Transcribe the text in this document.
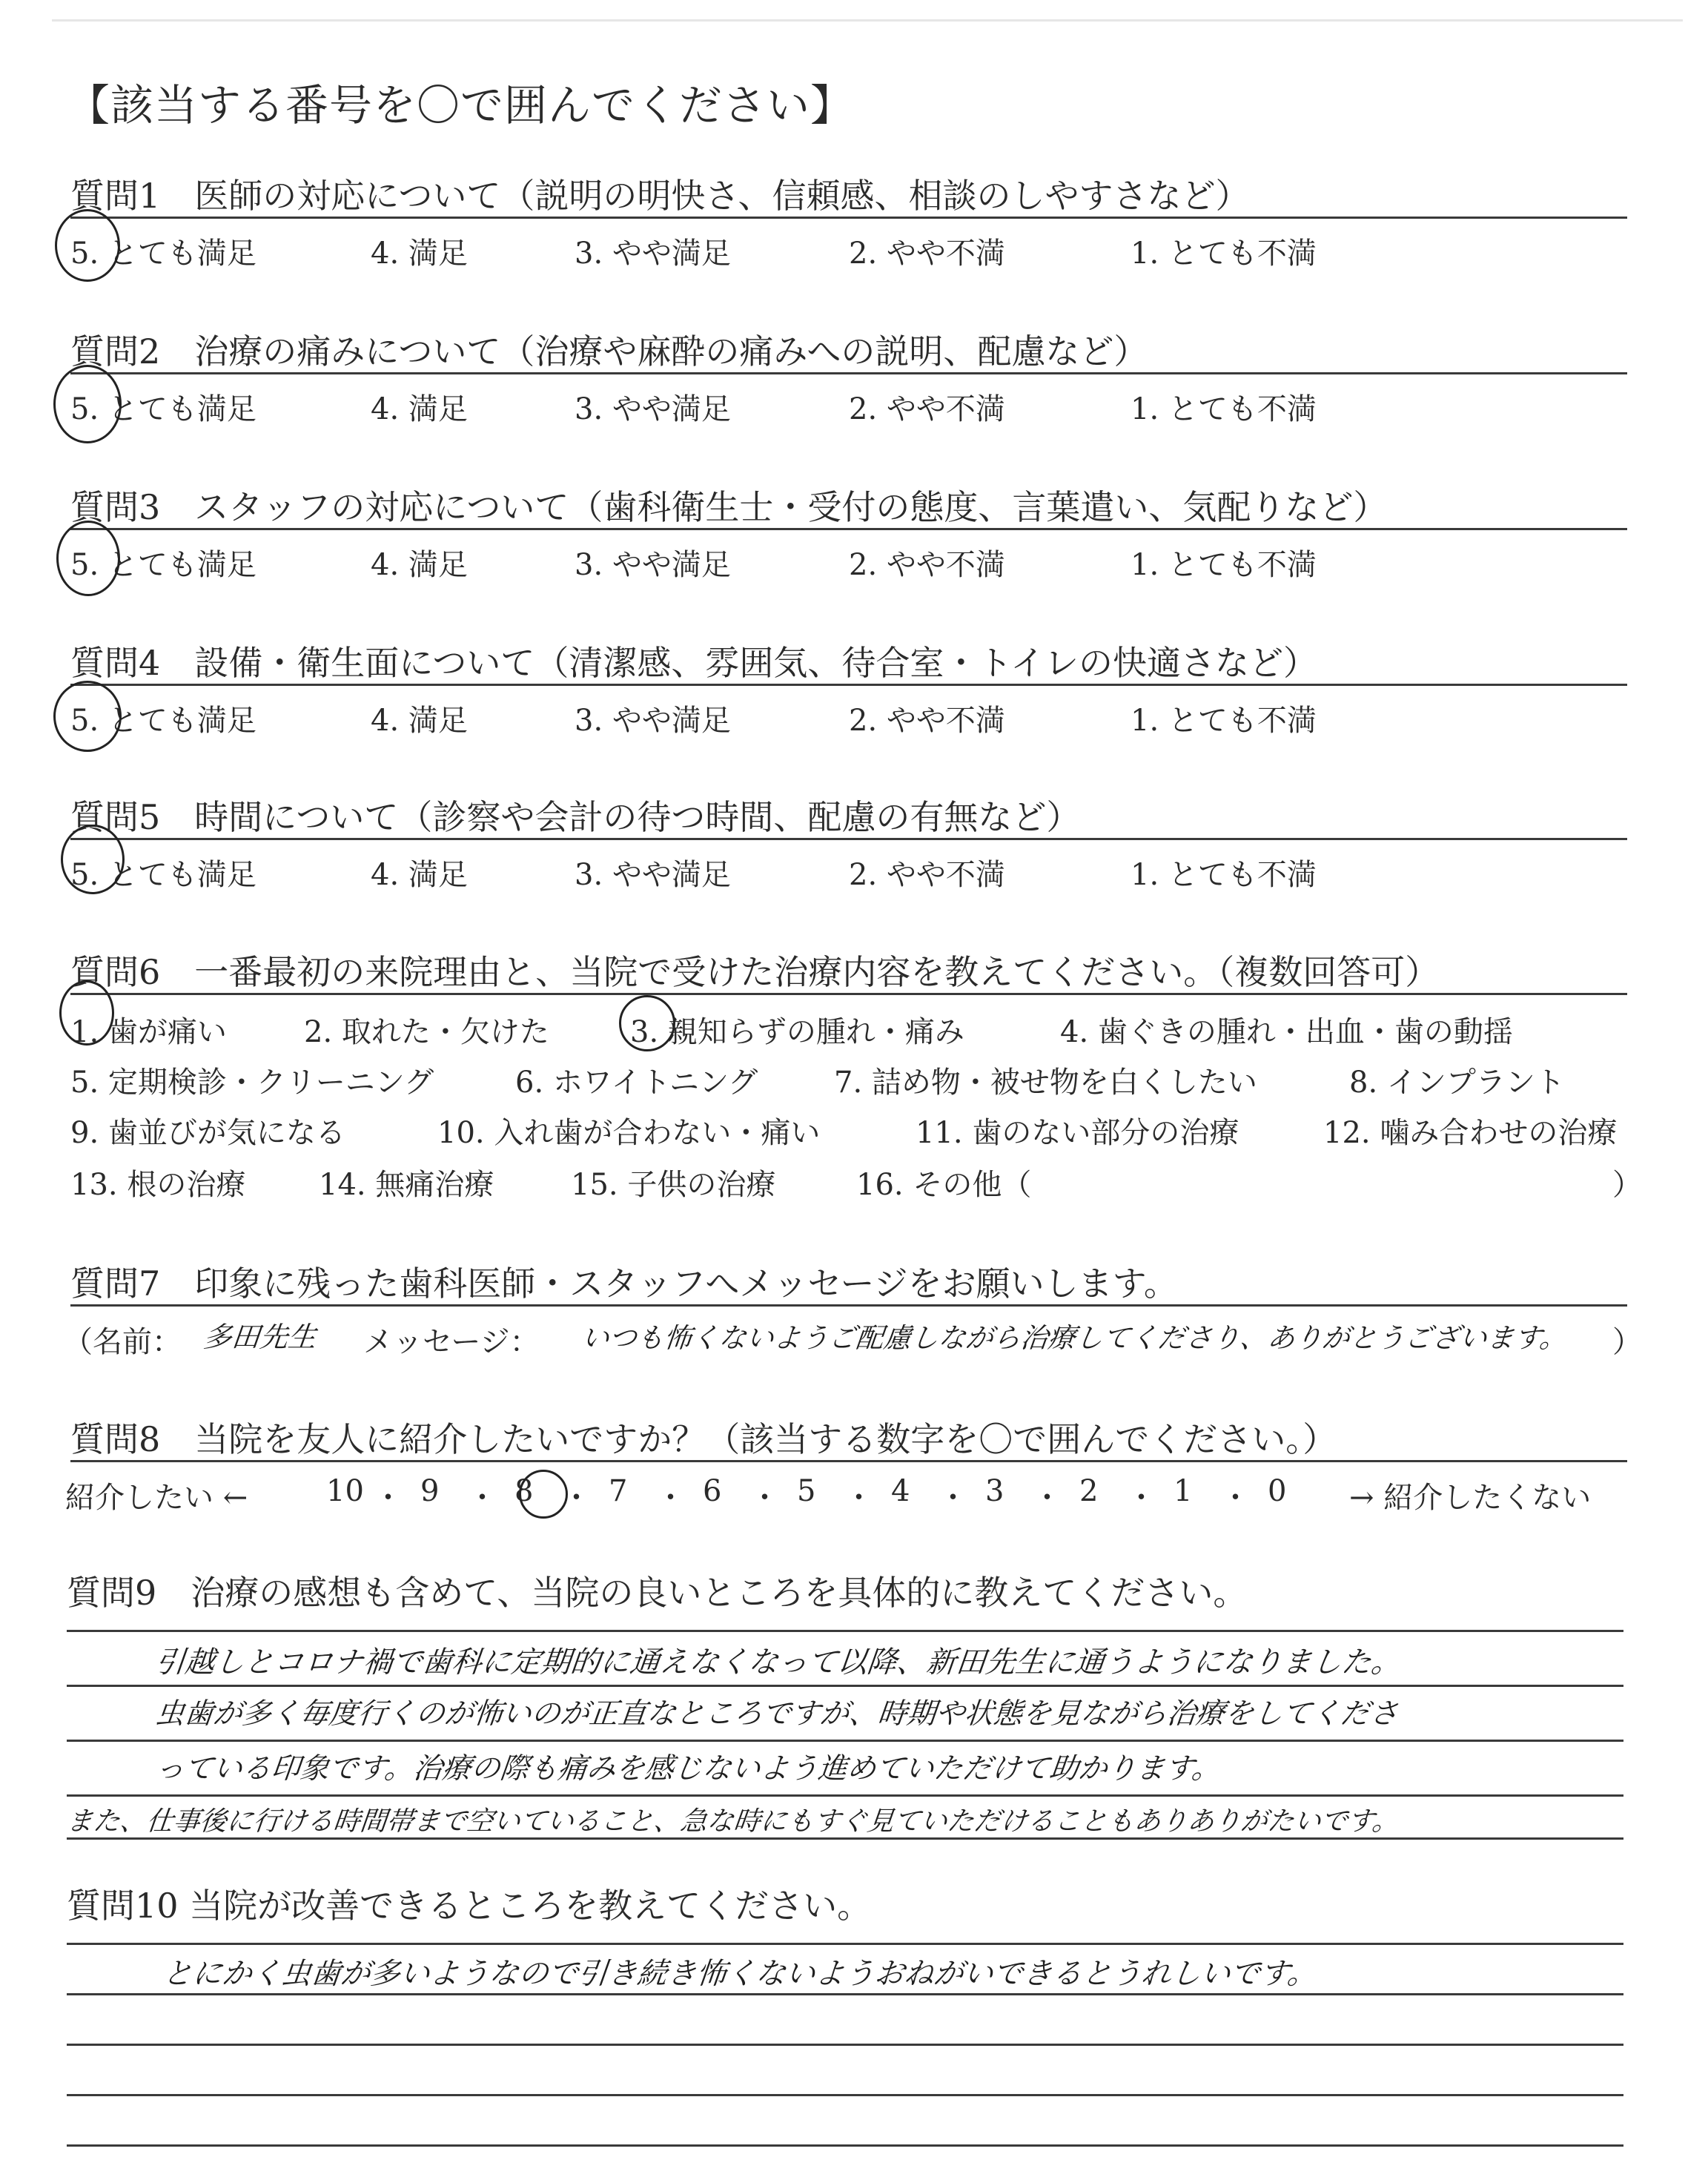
【該当する番号を〇で囲んでください】
質問1　医師の対応について（説明の明快さ、信頼感、相談のしやすさなど）
5. とても満足	4. 満足	3. やや満足	2. やや不満	1. とても不満
質問2　治療の痛みについて（治療や麻酔の痛みへの説明、配慮など）
5. とても満足	4. 満足	3. やや満足	2. やや不満	1. とても不満
質問3　スタッフの対応について（歯科衛生士・受付の態度、言葉遣い、気配りなど）
5. とても満足	4. 満足	3. やや満足	2. やや不満	1. とても不満
質問4　設備・衛生面について（清潔感、雰囲気、待合室・トイレの快適さなど）
5. とても満足	4. 満足	3. やや満足	2. やや不満	1. とても不満
質問5　時間について（診察や会計の待つ時間、配慮の有無など）
5. とても満足	4. 満足	3. やや満足	2. やや不満	1. とても不満
質問6　一番最初の来院理由と、当院で受けた治療内容を教えてください。（複数回答可）
1. 歯が痛い	2. 取れた・欠けた	3. 親知らずの腫れ・痛み	4. 歯ぐきの腫れ・出血・歯の動揺
5. 定期検診・クリーニング	6. ホワイトニング	7. 詰め物・被せ物を白くしたい	8. インプラント
9. 歯並びが気になる	10. 入れ歯が合わない・痛い	11. 歯のない部分の治療	12. 噛み合わせの治療
13. 根の治療 14. 無痛治療	15. 子供の治療	16. その他（	）
質問7　印象に残った歯科医師・スタッフへメッセージをお願いします。
（名前： 多田先生 メッセージ： いつも怖くないようご配慮しながら治療してくださり、ありがとうございます。 ）
質問8　当院を友人に紹介したいですか？（該当する数字を〇で囲んでください。）
紹介したい ←	10 ・ 9 ・ 8 ・ 7 ・ 6 ・ 5 ・ 4 ・ 3 ・ 2 ・ 1 ・ 0 → 紹介したくない
質問9　治療の感想も含めて、当院の良いところを具体的に教えてください。
引越しとコロナ禍で歯科に定期的に通えなくなって以降、新田先生に通うようになりました。
虫歯が多く毎度行くのが怖いのが正直なところですが、時期や状態を見ながら治療をしてくださ
っている印象です。治療の際も痛みを感じないよう進めていただけて助かります。
また、仕事後に行ける時間帯まで空いていること、急な時にもすぐ見ていただけることもありありがたいです。
質問10 当院が改善できるところを教えてください。
とにかく虫歯が多いようなので引き続き怖くないようおねがいできるとうれしいです。
